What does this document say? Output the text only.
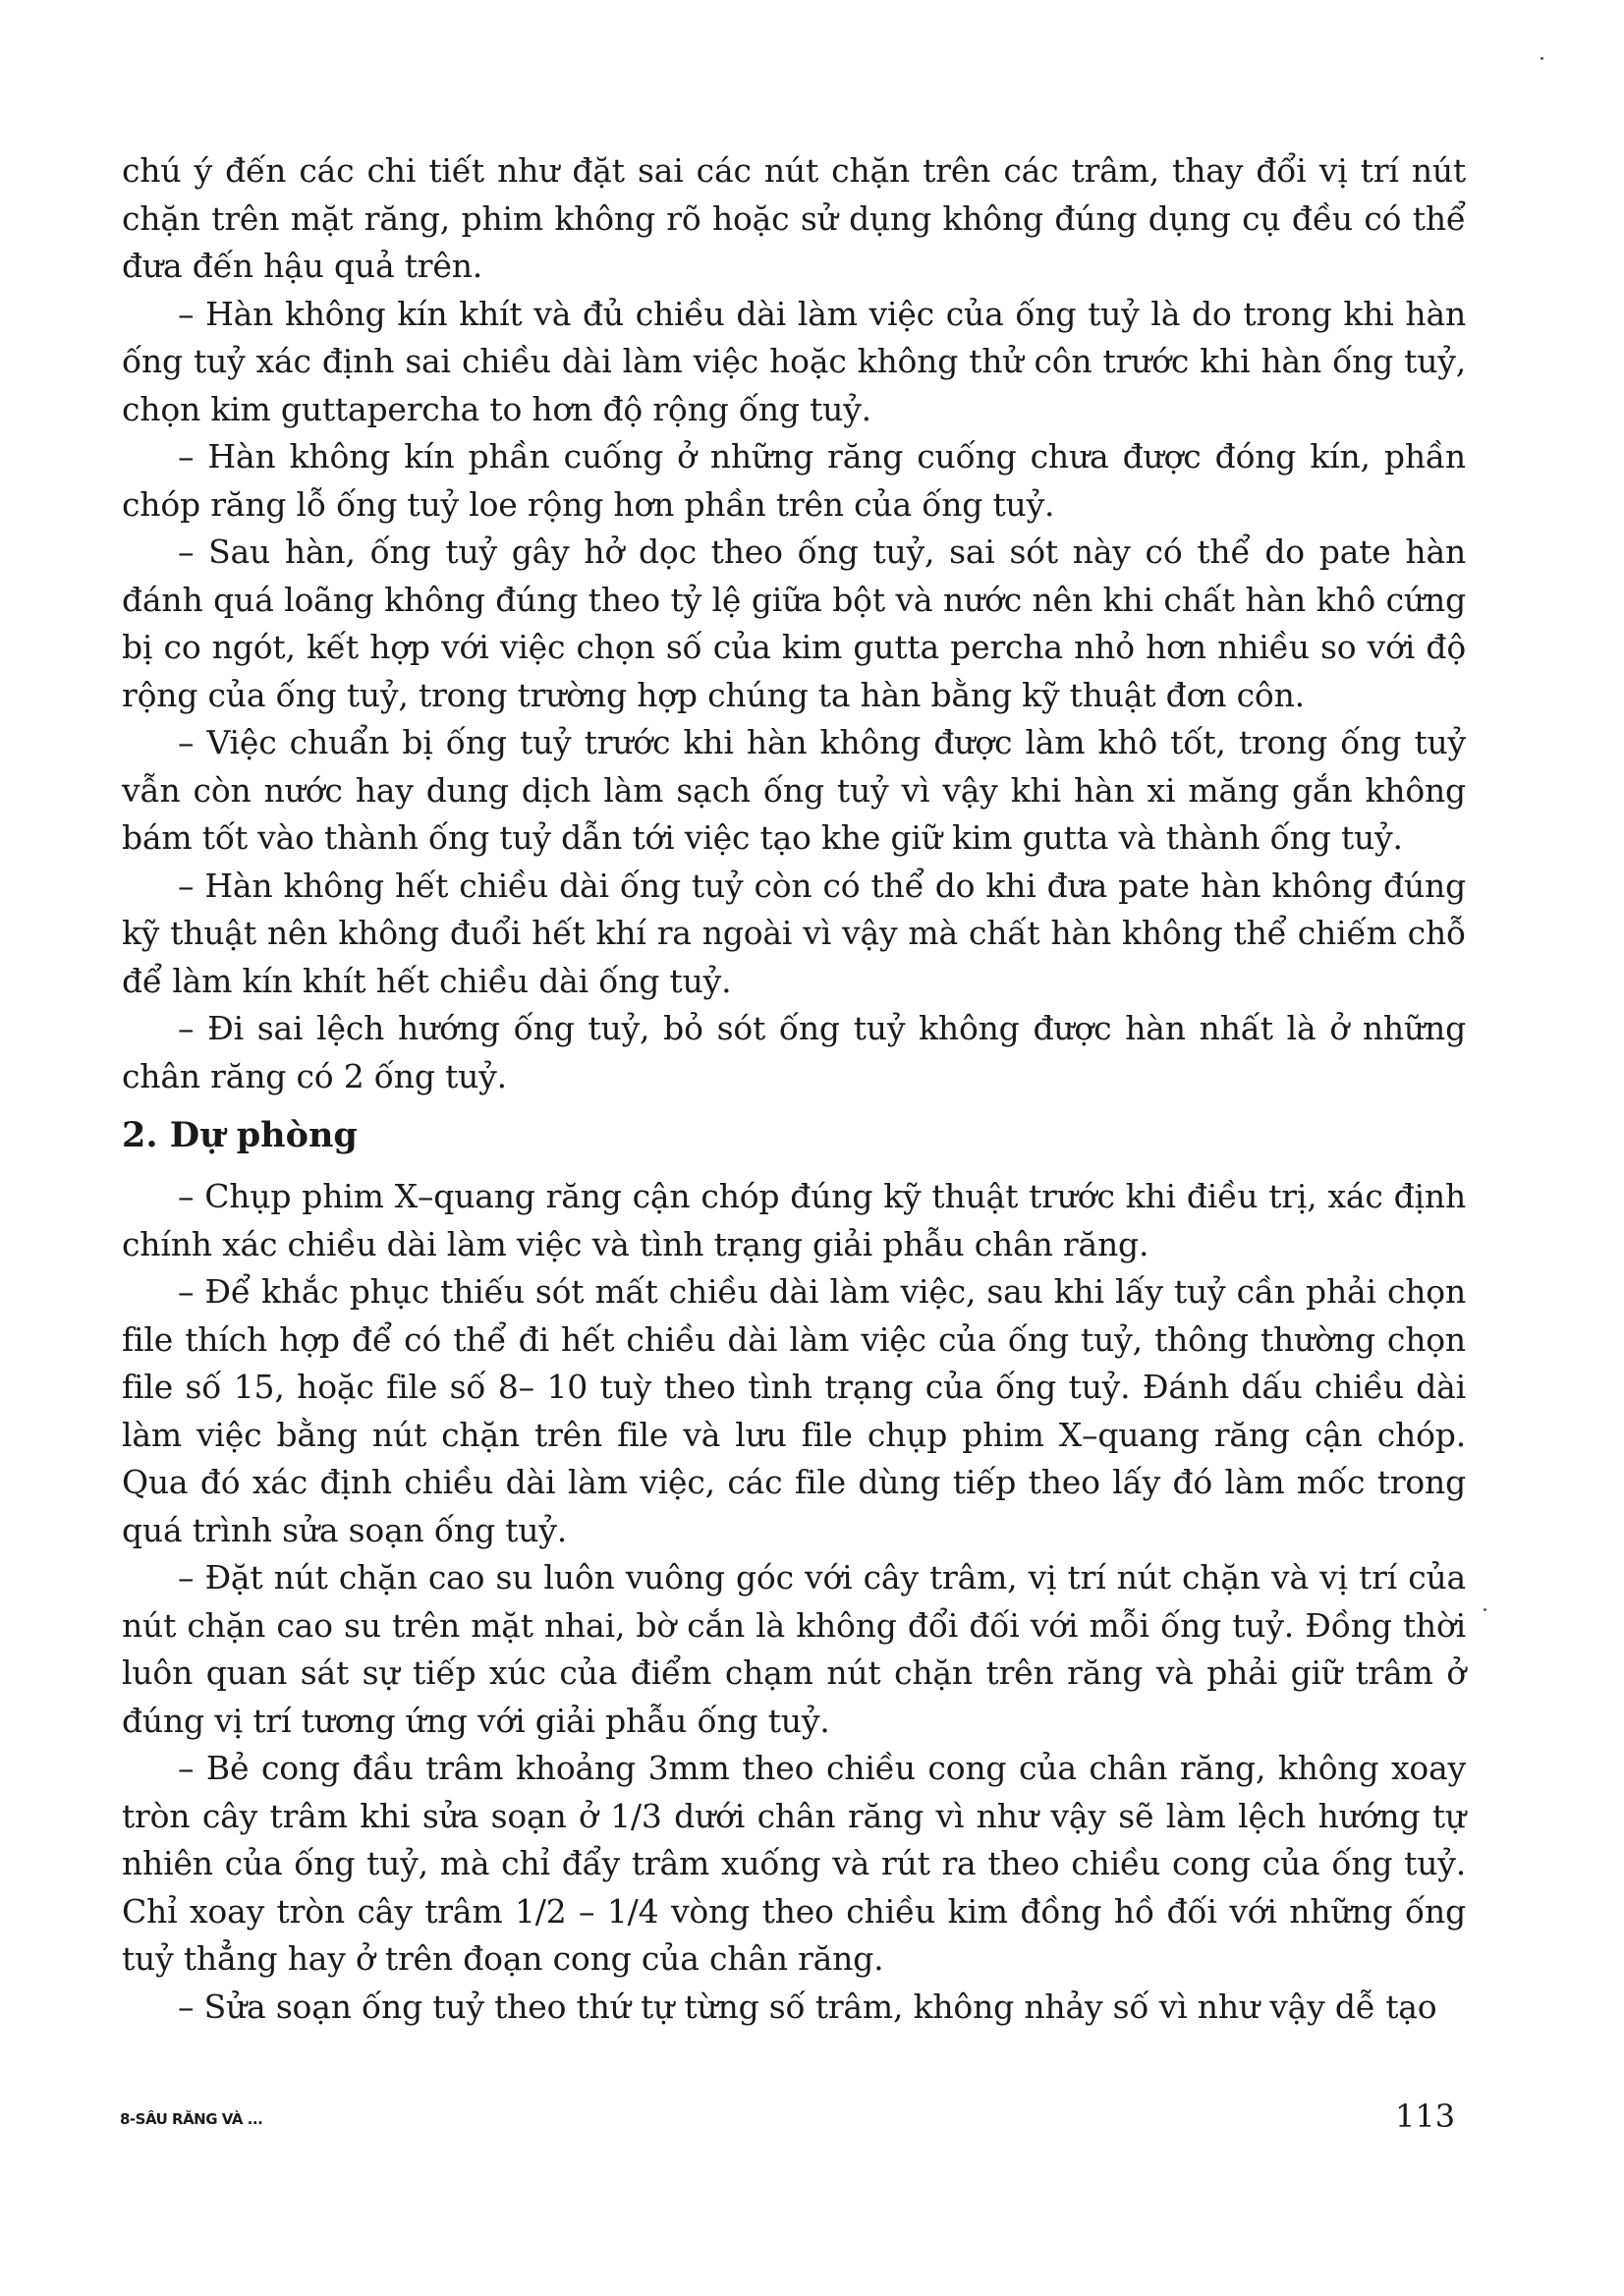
chú ý đến các chi tiết như đặt sai các nút chặn trên các trâm, thay đổi vị trí nút chặn trên mặt răng, phim không rõ hoặc sử dụng không đúng dụng cụ đều có thể đưa đến hậu quả trên.

– Hàn không kín khít và đủ chiều dài làm việc của ống tuỷ là do trong khi hàn ống tuỷ xác định sai chiều dài làm việc hoặc không thử côn trước khi hàn ống tuỷ, chọn kim guttapercha to hơn độ rộng ống tuỷ.

– Hàn không kín phần cuống ở những răng cuống chưa được đóng kín, phần chóp răng lỗ ống tuỷ loe rộng hơn phần trên của ống tuỷ.

– Sau hàn, ống tuỷ gây hở dọc theo ống tuỷ, sai sót này có thể do pate hàn đánh quá loãng không đúng theo tỷ lệ giữa bột và nước nên khi chất hàn khô cứng bị co ngót, kết hợp với việc chọn số của kim gutta percha nhỏ hơn nhiều so với độ rộng của ống tuỷ, trong trường hợp chúng ta hàn bằng kỹ thuật đơn côn.

– Việc chuẩn bị ống tuỷ trước khi hàn không được làm khô tốt, trong ống tuỷ vẫn còn nước hay dung dịch làm sạch ống tuỷ vì vậy khi hàn xi măng gắn không bám tốt vào thành ống tuỷ dẫn tới việc tạo khe giữ kim gutta và thành ống tuỷ.

– Hàn không hết chiều dài ống tuỷ còn có thể do khi đưa pate hàn không đúng kỹ thuật nên không đuổi hết khí ra ngoài vì vậy mà chất hàn không thể chiếm chỗ để làm kín khít hết chiều dài ống tuỷ.

– Đi sai lệch hướng ống tuỷ, bỏ sót ống tuỷ không được hàn nhất là ở những chân răng có 2 ống tuỷ.

2. Dự phòng

– Chụp phim X–quang răng cận chóp đúng kỹ thuật trước khi điều trị, xác định chính xác chiều dài làm việc và tình trạng giải phẫu chân răng.

– Để khắc phục thiếu sót mất chiều dài làm việc, sau khi lấy tuỷ cần phải chọn file thích hợp để có thể đi hết chiều dài làm việc của ống tuỷ, thông thường chọn file số 15, hoặc file số 8– 10 tuỳ theo tình trạng của ống tuỷ. Đánh dấu chiều dài làm việc bằng nút chặn trên file và lưu file chụp phim X–quang răng cận chóp. Qua đó xác định chiều dài làm việc, các file dùng tiếp theo lấy đó làm mốc trong quá trình sửa soạn ống tuỷ.

– Đặt nút chặn cao su luôn vuông góc với cây trâm, vị trí nút chặn và vị trí của nút chặn cao su trên mặt nhai, bờ cắn là không đổi đối với mỗi ống tuỷ. Đồng thời luôn quan sát sự tiếp xúc của điểm chạm nút chặn trên răng và phải giữ trâm ở đúng vị trí tương ứng với giải phẫu ống tuỷ.

– Bẻ cong đầu trâm khoảng 3mm theo chiều cong của chân răng, không xoay tròn cây trâm khi sửa soạn ở 1/3 dưới chân răng vì như vậy sẽ làm lệch hướng tự nhiên của ống tuỷ, mà chỉ đẩy trâm xuống và rút ra theo chiều cong của ống tuỷ. Chỉ xoay tròn cây trâm 1/2 – 1/4 vòng theo chiều kim đồng hồ đối với những ống tuỷ thẳng hay ở trên đoạn cong của chân răng.

– Sửa soạn ống tuỷ theo thứ tự từng số trâm, không nhảy số vì như vậy dễ tạo

8-SÂU RĂNG VÀ ...	113
